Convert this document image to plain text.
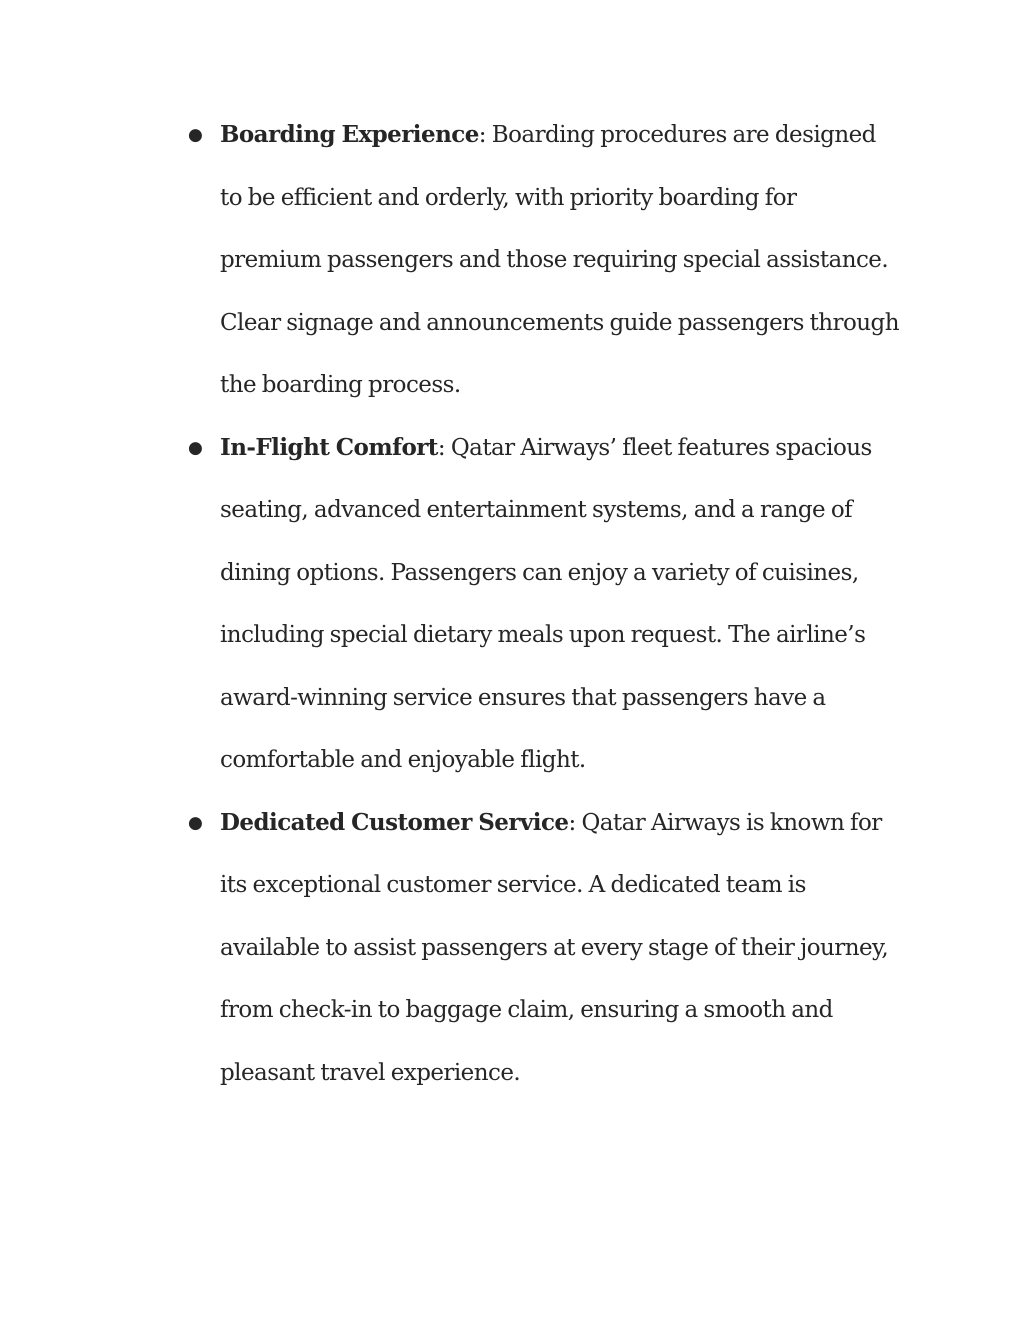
● Boarding Experience: Boarding procedures are designed
to be efficient and orderly, with priority boarding for
premium passengers and those requiring special assistance.
Clear signage and announcements guide passengers through
the boarding process.
● In-Flight Comfort: Qatar Airways’ fleet features spacious
seating, advanced entertainment systems, and a range of
dining options. Passengers can enjoy a variety of cuisines,
including special dietary meals upon request. The airline’s
award-winning service ensures that passengers have a
comfortable and enjoyable flight.
● Dedicated Customer Service: Qatar Airways is known for
its exceptional customer service. A dedicated team is
available to assist passengers at every stage of their journey,
from check-in to baggage claim, ensuring a smooth and
pleasant travel experience.
